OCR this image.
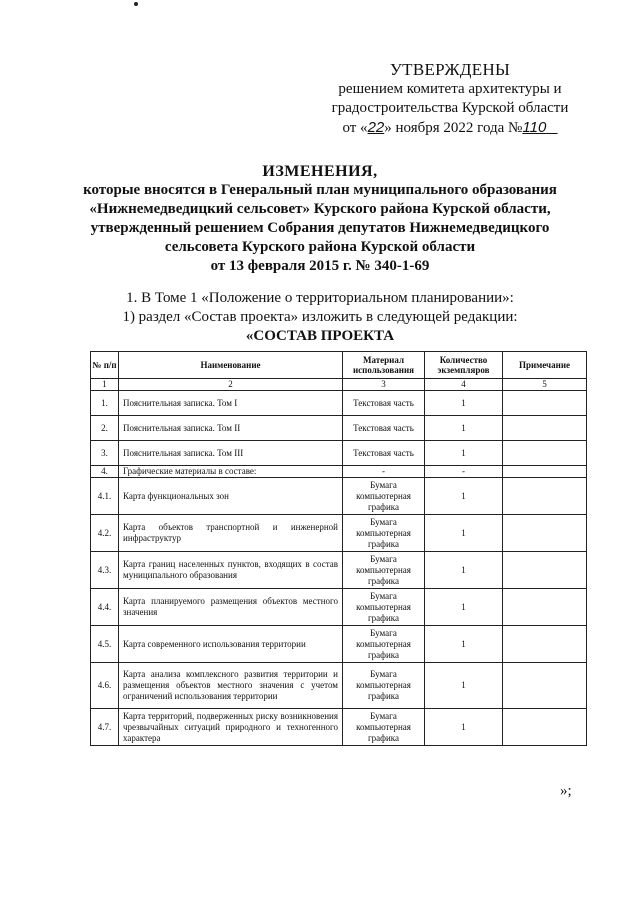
УТВЕРЖДЕНЫ
решением комитета архитектуры и
градостроительства Курской области
от «22» ноября 2022 года №110
ИЗМЕНЕНИЯ,
которые вносятся в Генеральный план муниципального образования
«Нижнемедведицкий сельсовет» Курского района Курской области,
утвержденный решением Собрания депутатов Нижнемедведицкого
сельсовета Курского района Курской области
от 13 февраля 2015 г. № 340-1-69
1. В Томе 1 «Положение о территориальном планировании»:
1) раздел «Состав проекта» изложить в следующей редакции:
«СОСТАВ ПРОЕКТА
№ п/п	Наименование	Материал использования	Количество экземпляров	Примечание
1	2	3	4	5
1.	Пояснительная записка. Том I	Текстовая часть	1	
2.	Пояснительная записка. Том II	Текстовая часть	1	
3.	Пояснительная записка. Том III	Текстовая часть	1	
4.	Графические материалы в составе:	-	-	
4.1.	Карта функциональных зон	Бумага компьютерная графика	1	
4.2.	Карта объектов транспортной и инженерной инфраструктур	Бумага компьютерная графика	1	
4.3.	Карта границ населенных пунктов, входящих в состав муниципального образования	Бумага компьютерная графика	1	
4.4.	Карта планируемого размещения объектов местного значения	Бумага компьютерная графика	1	
4.5.	Карта современного использования территории	Бумага компьютерная графика	1	
4.6.	Карта анализа комплексного развития территории и размещения объектов местного значения с учетом ограничений использования территории	Бумага компьютерная графика	1	
4.7.	Карта территорий, подверженных риску возникновения чрезвычайных ситуаций природного и техногенного характера	Бумага компьютерная графика	1	
»;
